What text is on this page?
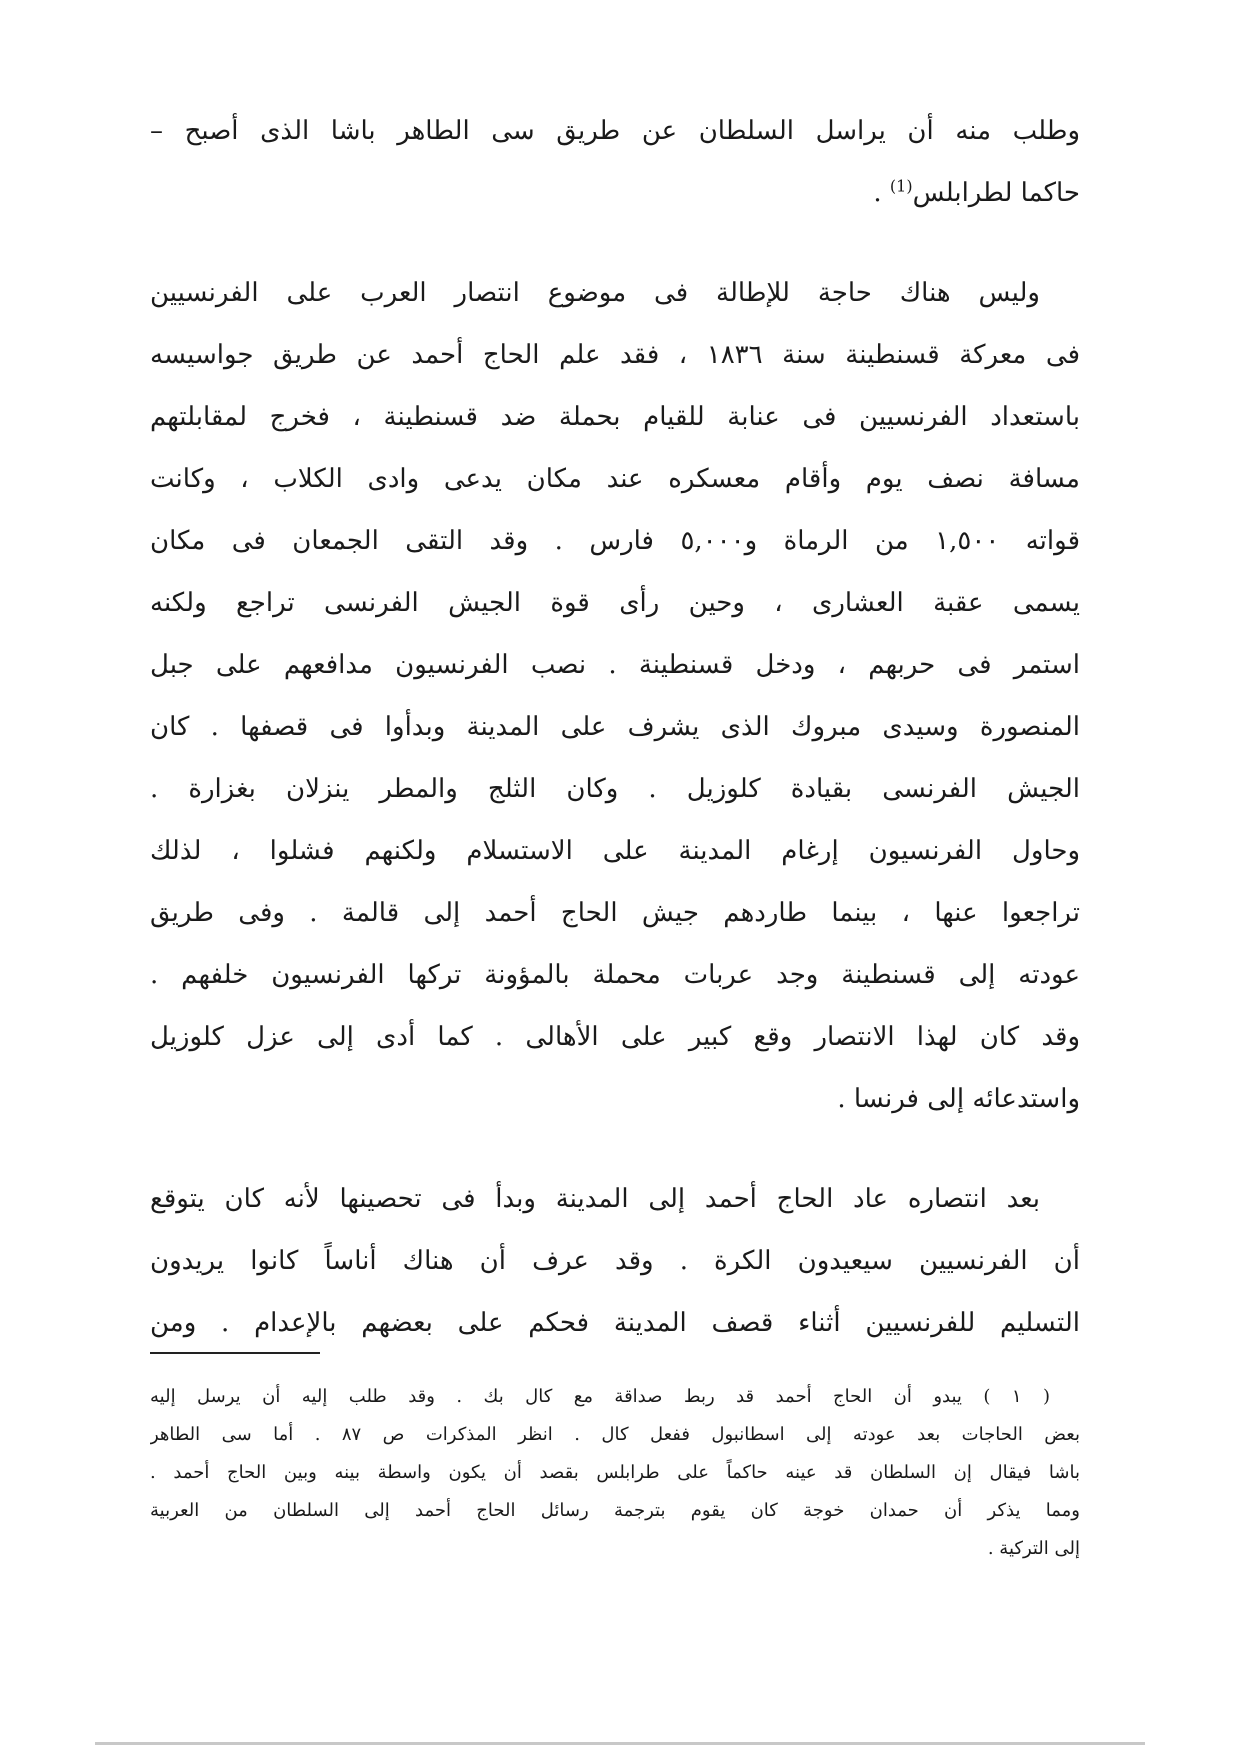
وطلب منه أن يراسل السلطان عن طريق سى الطاهر باشا الذى أصبح –
حاكما لطرابلس$^{(1)}$ .

وليس هناك حاجة للإطالة فى موضوع انتصار العرب على الفرنسيين
فى معركة قسنطينة سنة ١٨٣٦ ، فقد علم الحاج أحمد عن طريق جواسيسه
باستعداد الفرنسيين فى عنابة للقيام بحملة ضد قسنطينة ، فخرج لمقابلتهم
مسافة نصف يوم وأقام معسكره عند مكان يدعى وادى الكلاب ، وكانت
قواته ١,٥٠٠ من الرماة و٥,٠٠٠ فارس . وقد التقى الجمعان فى مكان
يسمى عقبة العشارى ، وحين رأى قوة الجيش الفرنسى تراجع ولكنه
استمر فى حربهم ، ودخل قسنطينة . نصب الفرنسيون مدافعهم على جبل
المنصورة وسيدى مبروك الذى يشرف على المدينة وبدأوا فى قصفها . كان
الجيش الفرنسى بقيادة كلوزيل . وكان الثلج والمطر ينزلان بغزارة .
وحاول الفرنسيون إرغام المدينة على الاستسلام ولكنهم فشلوا ، لذلك
تراجعوا عنها ، بينما طاردهم جيش الحاج أحمد إلى قالمة . وفى طريق
عودته إلى قسنطينة وجد عربات محملة بالمؤونة تركها الفرنسيون خلفهم .
وقد كان لهذا الانتصار وقع كبير على الأهالى . كما أدى إلى عزل كلوزيل
واستدعائه إلى فرنسا .

بعد انتصاره عاد الحاج أحمد إلى المدينة وبدأ فى تحصينها لأنه كان يتوقع
أن الفرنسيين سيعيدون الكرة . وقد عرف أن هناك أناساً كانوا يريدون
التسليم للفرنسيين أثناء قصف المدينة فحكم على بعضهم بالإعدام . ومن

( ١ ) يبدو أن الحاج أحمد قد ربط صداقة مع كال بك . وقد طلب إليه أن يرسل إليه
بعض الحاجات بعد عودته إلى اسطانبول ففعل كال . انظر المذكرات ص ٨٧ . أما سى الطاهر
باشا فيقال إن السلطان قد عينه حاكماً على طرابلس بقصد أن يكون واسطة بينه وبين الحاج أحمد .
ومما يذكر أن حمدان خوجة كان يقوم بترجمة رسائل الحاج أحمد إلى السلطان من العربية
إلى التركية .
